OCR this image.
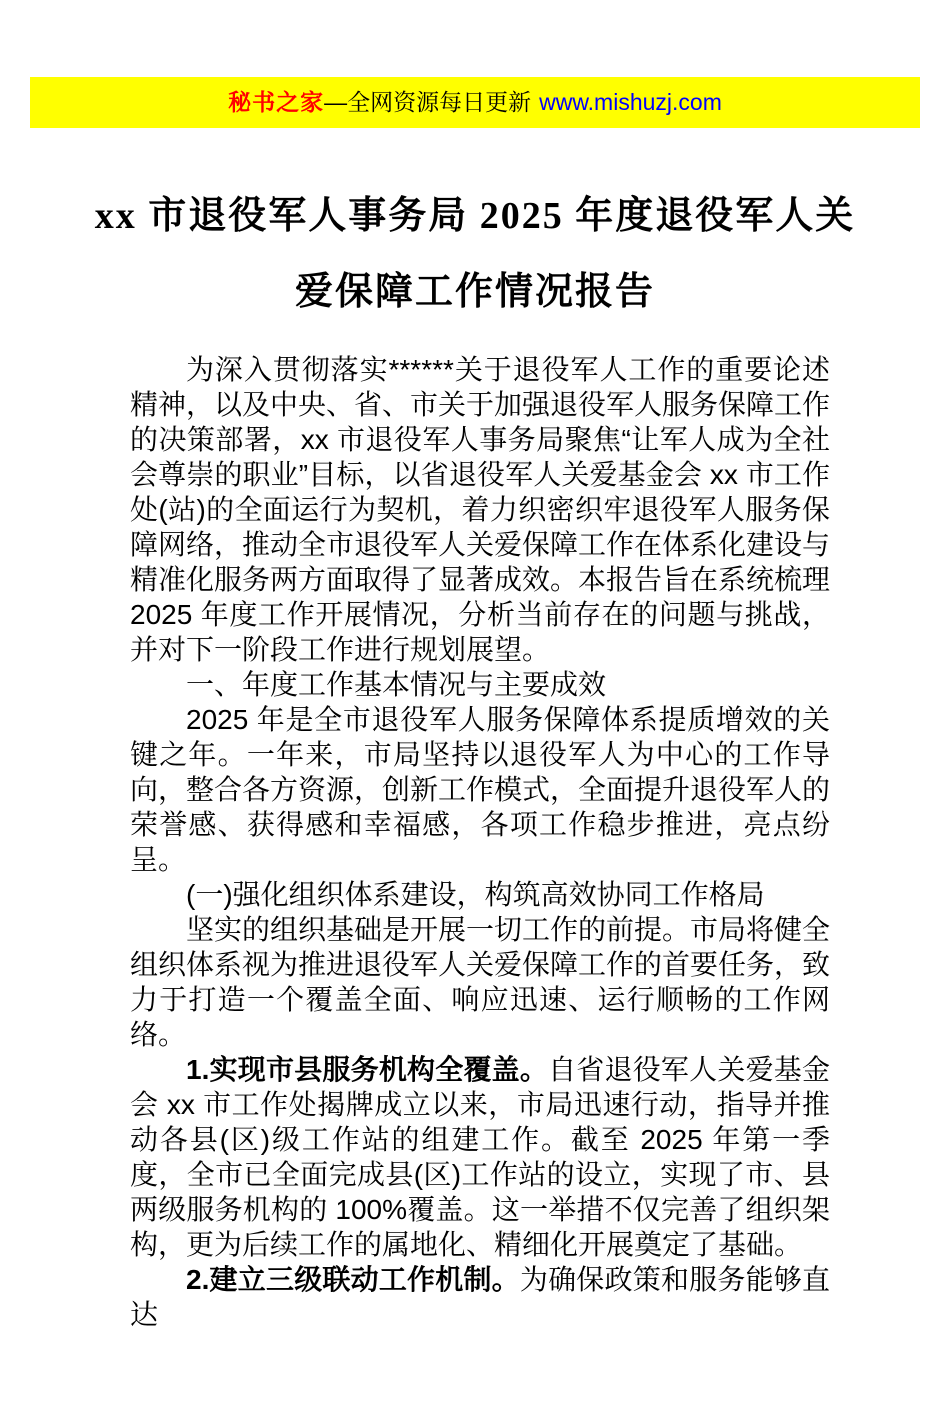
秘书之家 —全网资源每日更新 www.mishuzj.com
xx 市退役军人事务局 2025 年度退役军人关
爱保障工作情况报告

为深入贯彻落实******关于退役军人工作的重要论述精神，以及中央、省、市关于加强退役军人服务保障工作的决策部署，xx 市退役军人事务局聚焦“让军人成为全社会尊崇的职业”目标，以省退役军人关爱基金会 xx 市工作处(站)的全面运行为契机，着力织密织牢退役军人服务保障网络，推动全市退役军人关爱保障工作在体系化建设与精准化服务两方面取得了显著成效。本报告旨在系统梳理 2025 年度工作开展情况，分析当前存在的问题与挑战，并对下一阶段工作进行规划展望。

一、年度工作基本情况与主要成效

2025 年是全市退役军人服务保障体系提质增效的关键之年。一年来，市局坚持以退役军人为中心的工作导向，整合各方资源，创新工作模式，全面提升退役军人的荣誉感、获得感和幸福感，各项工作稳步推进，亮点纷呈。

(一)强化组织体系建设，构筑高效协同工作格局

坚实的组织基础是开展一切工作的前提。市局将健全组织体系视为推进退役军人关爱保障工作的首要任务，致力于打造一个覆盖全面、响应迅速、运行顺畅的工作网络。

1.实现市县服务机构全覆盖。自省退役军人关爱基金会 xx 市工作处揭牌成立以来，市局迅速行动，指导并推动各县(区)级工作站的组建工作。截至 2025 年第一季度，全市已全面完成县(区)工作站的设立，实现了市、县两级服务机构的 100%覆盖。这一举措不仅完善了组织架构，更为后续工作的属地化、精细化开展奠定了基础。

2.建立三级联动工作机制。为确保政策和服务能够直达
